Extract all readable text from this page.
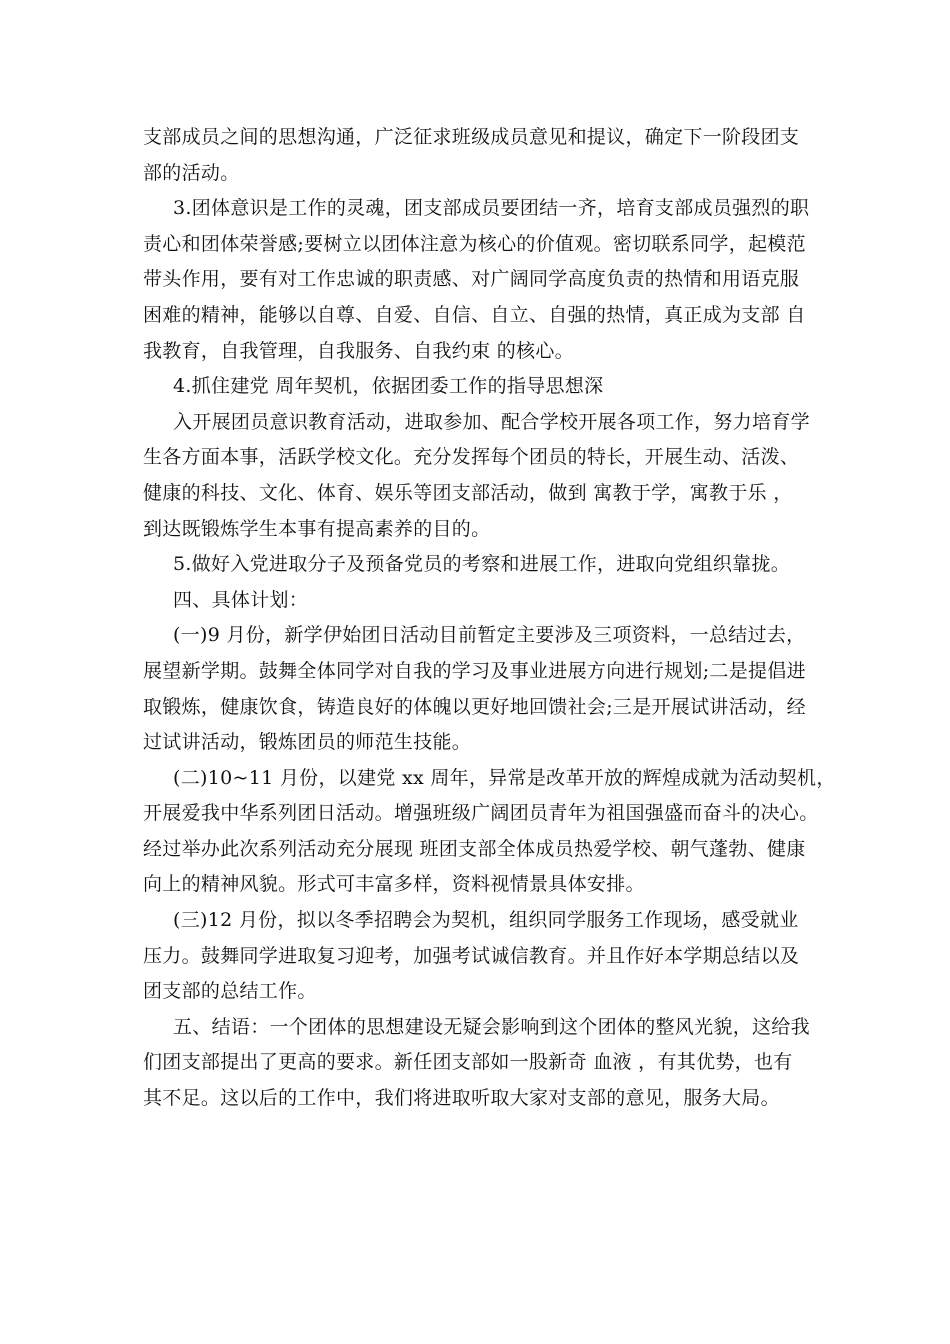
支部成员之间的思想沟通，广泛征求班级成员意见和提议，确定下一阶段团支
部的活动。
3.团体意识是工作的灵魂，团支部成员要团结一齐，培育支部成员强烈的职
责心和团体荣誉感;要树立以团体注意为核心的价值观。密切联系同学，起模范
带头作用，要有对工作忠诚的职责感、对广阔同学高度负责的热情和用语克服
困难的精神，能够以自尊、自爱、自信、自立、自强的热情，真正成为支部 自
我教育，自我管理，自我服务、自我约束 的核心。
4.抓住建党 周年契机，依据团委工作的指导思想深
入开展团员意识教育活动，进取参加、配合学校开展各项工作，努力培育学
生各方面本事，活跃学校文化。充分发挥每个团员的特长，开展生动、活泼、
健康的科技、文化、体育、娱乐等团支部活动，做到 寓教于学，寓教于乐 ，
到达既锻炼学生本事有提高素养的目的。
5.做好入党进取分子及预备党员的考察和进展工作，进取向党组织靠拢。
四、具体计划：
(一)9 月份，新学伊始团日活动目前暂定主要涉及三项资料，一总结过去，
展望新学期。鼓舞全体同学对自我的学习及事业进展方向进行规划;二是提倡进
取锻炼，健康饮食，铸造良好的体魄以更好地回馈社会;三是开展试讲活动，经
过试讲活动，锻炼团员的师范生技能。
(二)10~11 月份，以建党 xx 周年，异常是改革开放的辉煌成就为活动契机，
开展爱我中华系列团日活动。增强班级广阔团员青年为祖国强盛而奋斗的决心。
经过举办此次系列活动充分展现 班团支部全体成员热爱学校、朝气蓬勃、健康
向上的精神风貌。形式可丰富多样，资料视情景具体安排。
(三)12 月份，拟以冬季招聘会为契机，组织同学服务工作现场，感受就业
压力。鼓舞同学进取复习迎考，加强考试诚信教育。并且作好本学期总结以及
团支部的总结工作。
五、结语：一个团体的思想建设无疑会影响到这个团体的整风光貌，这给我
们团支部提出了更高的要求。新任团支部如一股新奇 血液 ，有其优势，也有
其不足。这以后的工作中，我们将进取听取大家对支部的意见，服务大局。
